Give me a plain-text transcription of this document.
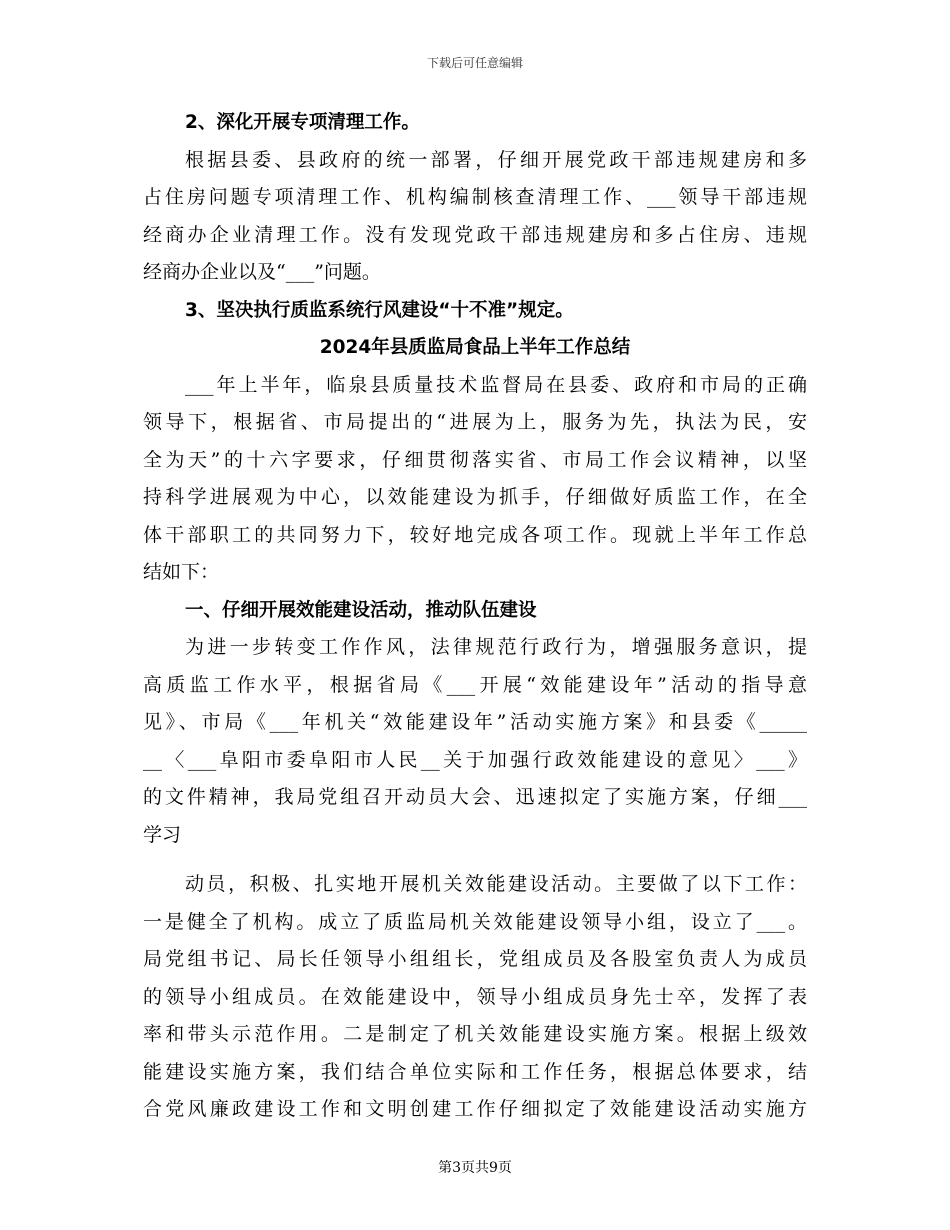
下载后可任意编辑
2、深化开展专项清理工作。
根据县委、县政府的统一部署，仔细开展党政干部违规建房和多
占住房问题专项清理工作、机构编制核查清理工作、___领导干部违规
经商办企业清理工作。没有发现党政干部违规建房和多占住房、违规
经商办企业以及“___”问题。
3、坚决执行质监系统行风建设“十不准”规定。
2024年县质监局食品上半年工作总结
___年上半年，临泉县质量技术监督局在县委、政府和市局的正确
领导下，根据省、市局提出的“进展为上，服务为先，执法为民，安
全为天”的十六字要求，仔细贯彻落实省、市局工作会议精神，以坚
持科学进展观为中心，以效能建设为抓手，仔细做好质监工作，在全
体干部职工的共同努力下，较好地完成各项工作。现就上半年工作总
结如下：
一、仔细开展效能建设活动，推动队伍建设
为进一步转变工作作风，法律规范行政行为，增强服务意识，提
高质监工作水平，根据省局《___开展“效能建设年”活动的指导意
见》、市局《___年机关“效能建设年”活动实施方案》和县委《_____
__〈___阜阳市委阜阳市人民__关于加强行政效能建设的意见〉___》
的文件精神，我局党组召开动员大会、迅速拟定了实施方案，仔细___
学习
动员，积极、扎实地开展机关效能建设活动。主要做了以下工作：
一是健全了机构。成立了质监局机关效能建设领导小组，设立了___。
局党组书记、局长任领导小组组长，党组成员及各股室负责人为成员
的领导小组成员。在效能建设中，领导小组成员身先士卒，发挥了表
率和带头示范作用。二是制定了机关效能建设实施方案。根据上级效
能建设实施方案，我们结合单位实际和工作任务，根据总体要求，结
合党风廉政建设工作和文明创建工作仔细拟定了效能建设活动实施方
第3页共9页
